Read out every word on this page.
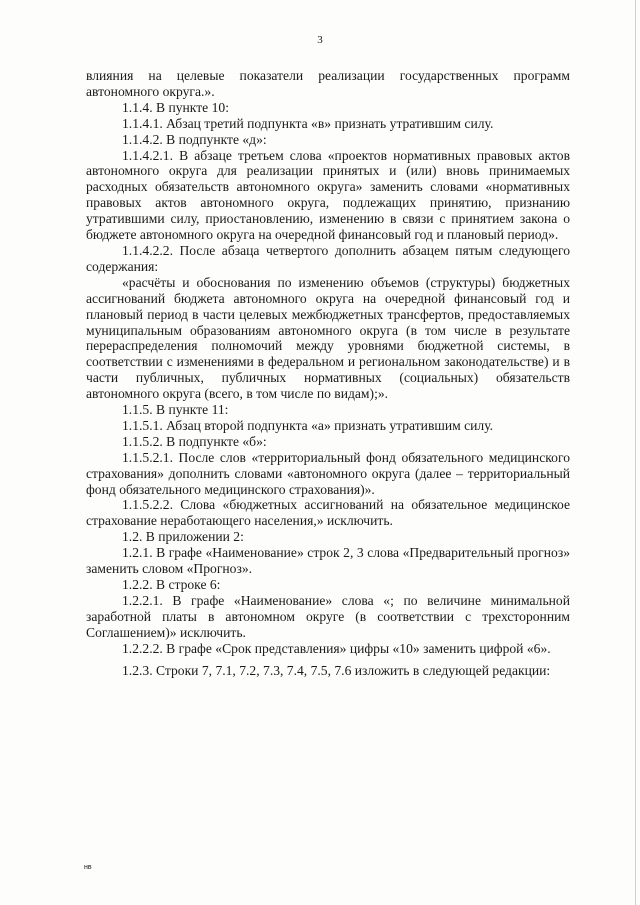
3

влияния на целевые показатели реализации государственных программ автономного округа.».

1.1.4. В пункте 10:

1.1.4.1. Абзац третий подпункта «в» признать утратившим силу.

1.1.4.2. В подпункте «д»:

1.1.4.2.1. В абзаце третьем слова «проектов нормативных правовых актов автономного округа для реализации принятых и (или) вновь принимаемых расходных обязательств автономного округа» заменить словами «нормативных правовых актов автономного округа, подлежащих принятию, признанию утратившими силу, приостановлению, изменению в связи с принятием закона о бюджете автономного округа на очередной финансовый год и плановый период».

1.1.4.2.2. После абзаца четвертого дополнить абзацем пятым следующего содержания:

«расчёты и обоснования по изменению объемов (структуры) бюджетных ассигнований бюджета автономного округа на очередной финансовый год и плановый период в части целевых межбюджетных трансфертов, предоставляемых муниципальным образованиям автономного округа (в том числе в результате перераспределения полномочий между уровнями бюджетной системы, в соответствии с изменениями в федеральном и региональном законодательстве) и в части публичных, публичных нормативных (социальных) обязательств автономного округа (всего, в том числе по видам);».

1.1.5. В пункте 11:

1.1.5.1. Абзац второй подпункта «а» признать утратившим силу.

1.1.5.2. В подпункте «б»:

1.1.5.2.1. После слов «территориальный фонд обязательного медицинского страхования» дополнить словами «автономного округа (далее – территориальный фонд обязательного медицинского страхования)».

1.1.5.2.2. Слова «бюджетных ассигнований на обязательное медицинское страхование неработающего населения,» исключить.

1.2. В приложении 2:

1.2.1. В графе «Наименование» строк 2, 3 слова «Предварительный прогноз» заменить словом «Прогноз».

1.2.2. В строке 6:

1.2.2.1. В графе «Наименование» слова «; по величине минимальной заработной платы в автономном округе (в соответствии с трехсторонним Соглашением)» исключить.

1.2.2.2. В графе «Срок представления» цифры «10» заменить цифрой «6».

1.2.3. Строки 7, 7.1, 7.2, 7.3, 7.4, 7.5, 7.6 изложить в следующей редакции:

нв
